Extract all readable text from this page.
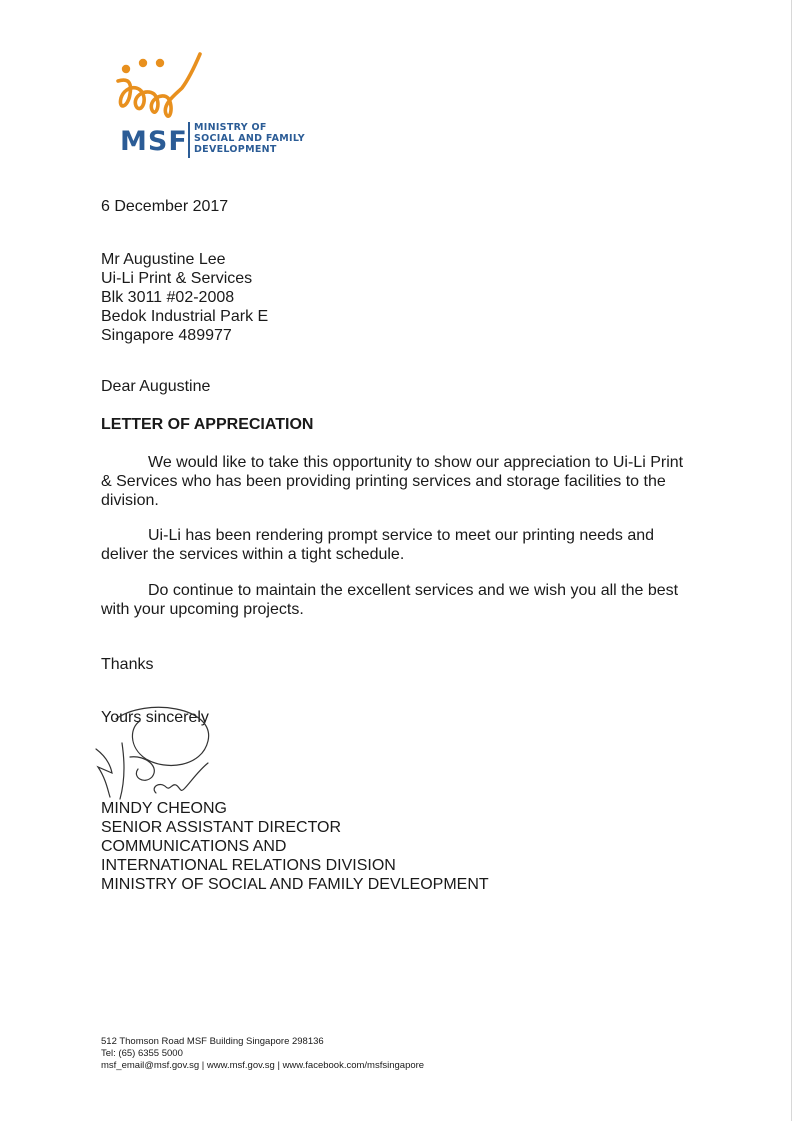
MSF MINISTRY OF
SOCIAL AND FAMILY
DEVELOPMENT

6 December 2017

Mr Augustine Lee
Ui-Li Print & Services
Blk 3011 #02-2008
Bedok Industrial Park E
Singapore 489977

Dear Augustine

LETTER OF APPRECIATION

We would like to take this opportunity to show our appreciation to Ui-Li Print & Services who has been providing printing services and storage facilities to the division.

Ui-Li has been rendering prompt service to meet our printing needs and deliver the services within a tight schedule.

Do continue to maintain the excellent services and we wish you all the best with your upcoming projects.

Thanks

Yours sincerely

MINDY CHEONG
SENIOR ASSISTANT DIRECTOR
COMMUNICATIONS AND
INTERNATIONAL RELATIONS DIVISION
MINISTRY OF SOCIAL AND FAMILY DEVLEOPMENT
512 Thomson Road MSF Building Singapore 298136
Tel: (65) 6355 5000
msf_email@msf.gov.sg | www.msf.gov.sg | www.facebook.com/msfsingapore
